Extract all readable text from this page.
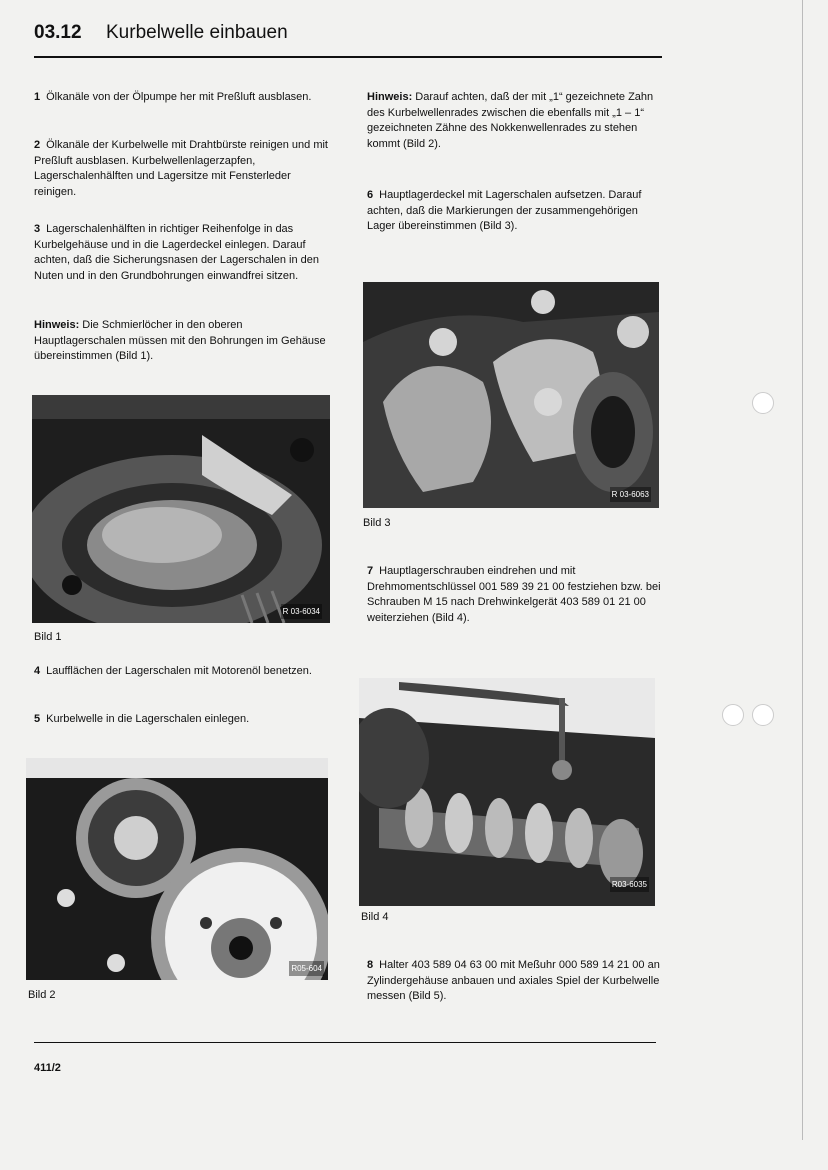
03.12 Kurbelwelle einbauen

1 Ölkanäle von der Ölpumpe her mit Preßluft ausblasen.

2 Ölkanäle der Kurbelwelle mit Drahtbürste reinigen und mit Preßluft ausblasen. Kurbelwellenlagerzapfen, Lagerschalenhälften und Lagersitze mit Fensterleder reinigen.

3 Lagerschalenhälften in richtiger Reihenfolge in das Kurbelgehäuse und in die Lagerdeckel einlegen. Darauf achten, daß die Sicherungsnasen der Lagerschalen in den Nuten und in den Grundbohrungen einwandfrei sitzen.

Hinweis: Die Schmierlöcher in den oberen Hauptlagerschalen müssen mit den Bohrungen im Gehäuse übereinstimmen (Bild 1).

R 03-6034
Bild 1

4 Laufflächen der Lagerschalen mit Motorenöl benetzen.

5 Kurbelwelle in die Lagerschalen einlegen.

R05-604
Bild 2

Hinweis: Darauf achten, daß der mit „1“ gezeichnete Zahn des Kurbelwellenrades zwischen die ebenfalls mit „1 – 1“ gezeichneten Zähne des Nokkenwellenrades zu stehen kommt (Bild 2).

6 Hauptlagerdeckel mit Lagerschalen aufsetzen. Darauf achten, daß die Markierungen der zusammengehörigen Lager übereinstimmen (Bild 3).

R 03-6063
Bild 3

7 Hauptlagerschrauben eindrehen und mit Drehmomentschlüssel 001 589 39 21 00 festziehen bzw. bei Schrauben M 15 nach Drehwinkelgerät 403 589 01 21 00 weiterziehen (Bild 4).

R03-6035
Bild 4

8 Halter 403 589 04 63 00 mit Meßuhr 000 589 14 21 00 an Zylindergehäuse anbauen und axiales Spiel der Kurbelwelle messen (Bild 5).

411/2
